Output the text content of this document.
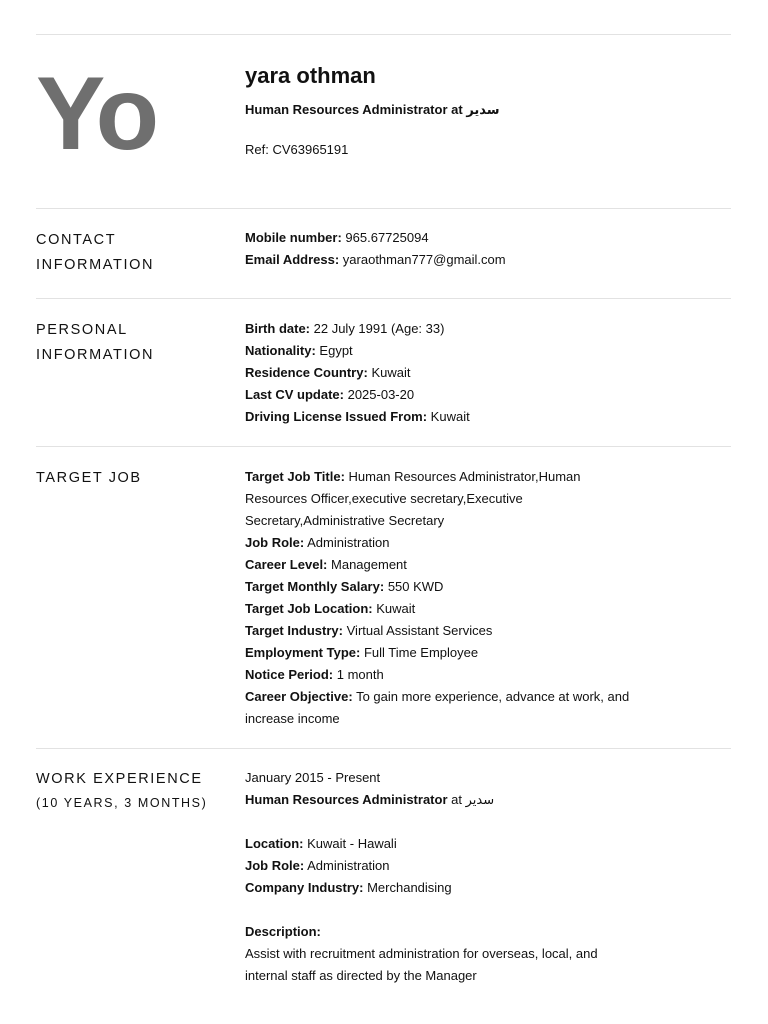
Yo	yara othman
Human Resources Administrator at سدير
Ref: CV63965191
CONTACT
INFORMATION
Mobile number: 965.67725094
Email Address: yaraothman777@gmail.com
PERSONAL
INFORMATION
Birth date: 22 July 1991 (Age: 33)
Nationality: Egypt
Residence Country: Kuwait
Last CV update: 2025-03-20
Driving License Issued From: Kuwait
TARGET JOB	Target Job Title: Human Resources Administrator,Human Resources Officer,executive secretary,Executive Secretary,Administrative Secretary
Job Role: Administration
Career Level: Management
Target Monthly Salary: 550 KWD
Target Job Location: Kuwait
Target Industry: Virtual Assistant Services
Employment Type: Full Time Employee
Notice Period: 1 month
Career Objective: To gain more experience, advance at work, and increase income
WORK EXPERIENCE
(10 YEARS, 3 MONTHS)
January 2015 - Present
Human Resources Administrator at سدير
Location: Kuwait - Hawali
Job Role: Administration
Company Industry: Merchandising
Description:
Assist with recruitment administration for overseas, local, and internal staff as directed by the Manager
